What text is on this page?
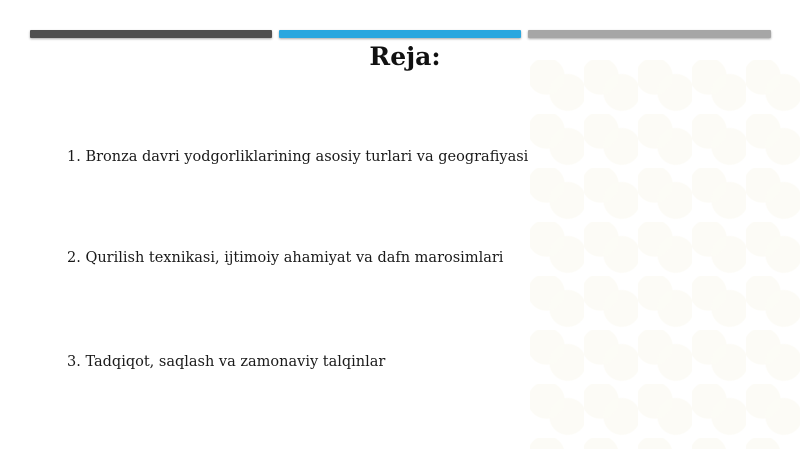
Reja:
1. Bronza davri yodgorliklarining asosiy turlari va geografiyasi
2. Qurilish texnikasi, ijtimoiy ahamiyat va dafn marosimlari
3. Tadqiqot, saqlash va zamonaviy talqinlar
